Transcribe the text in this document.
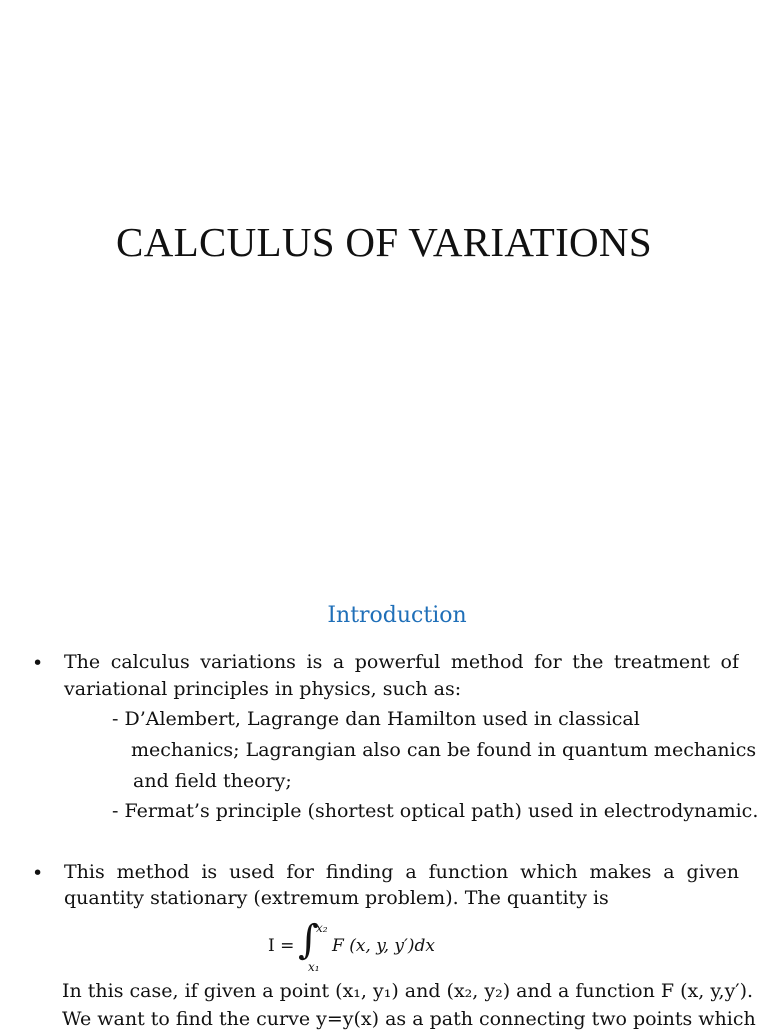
CALCULUS OF VARIATIONS
Introduction
• The calculus variations is a powerful method for the treatment of
variational principles in physics, such as:
- D’Alembert, Lagrange dan Hamilton used in classical
mechanics; Lagrangian also can be found in quantum mechanics
and field theory;
- Fermat’s principle (shortest optical path) used in electrodynamic.
• This method is used for finding a function which makes a given
quantity stationary (extremum problem). The quantity is
I = ∫
x₂
x₁
F (x, y, y′)dx
In this case, if given a point (x₁, y₁) and (x₂, y₂) and a function F (x, y,y′).
We want to find the curve y=y(x) as a path connecting two points which
